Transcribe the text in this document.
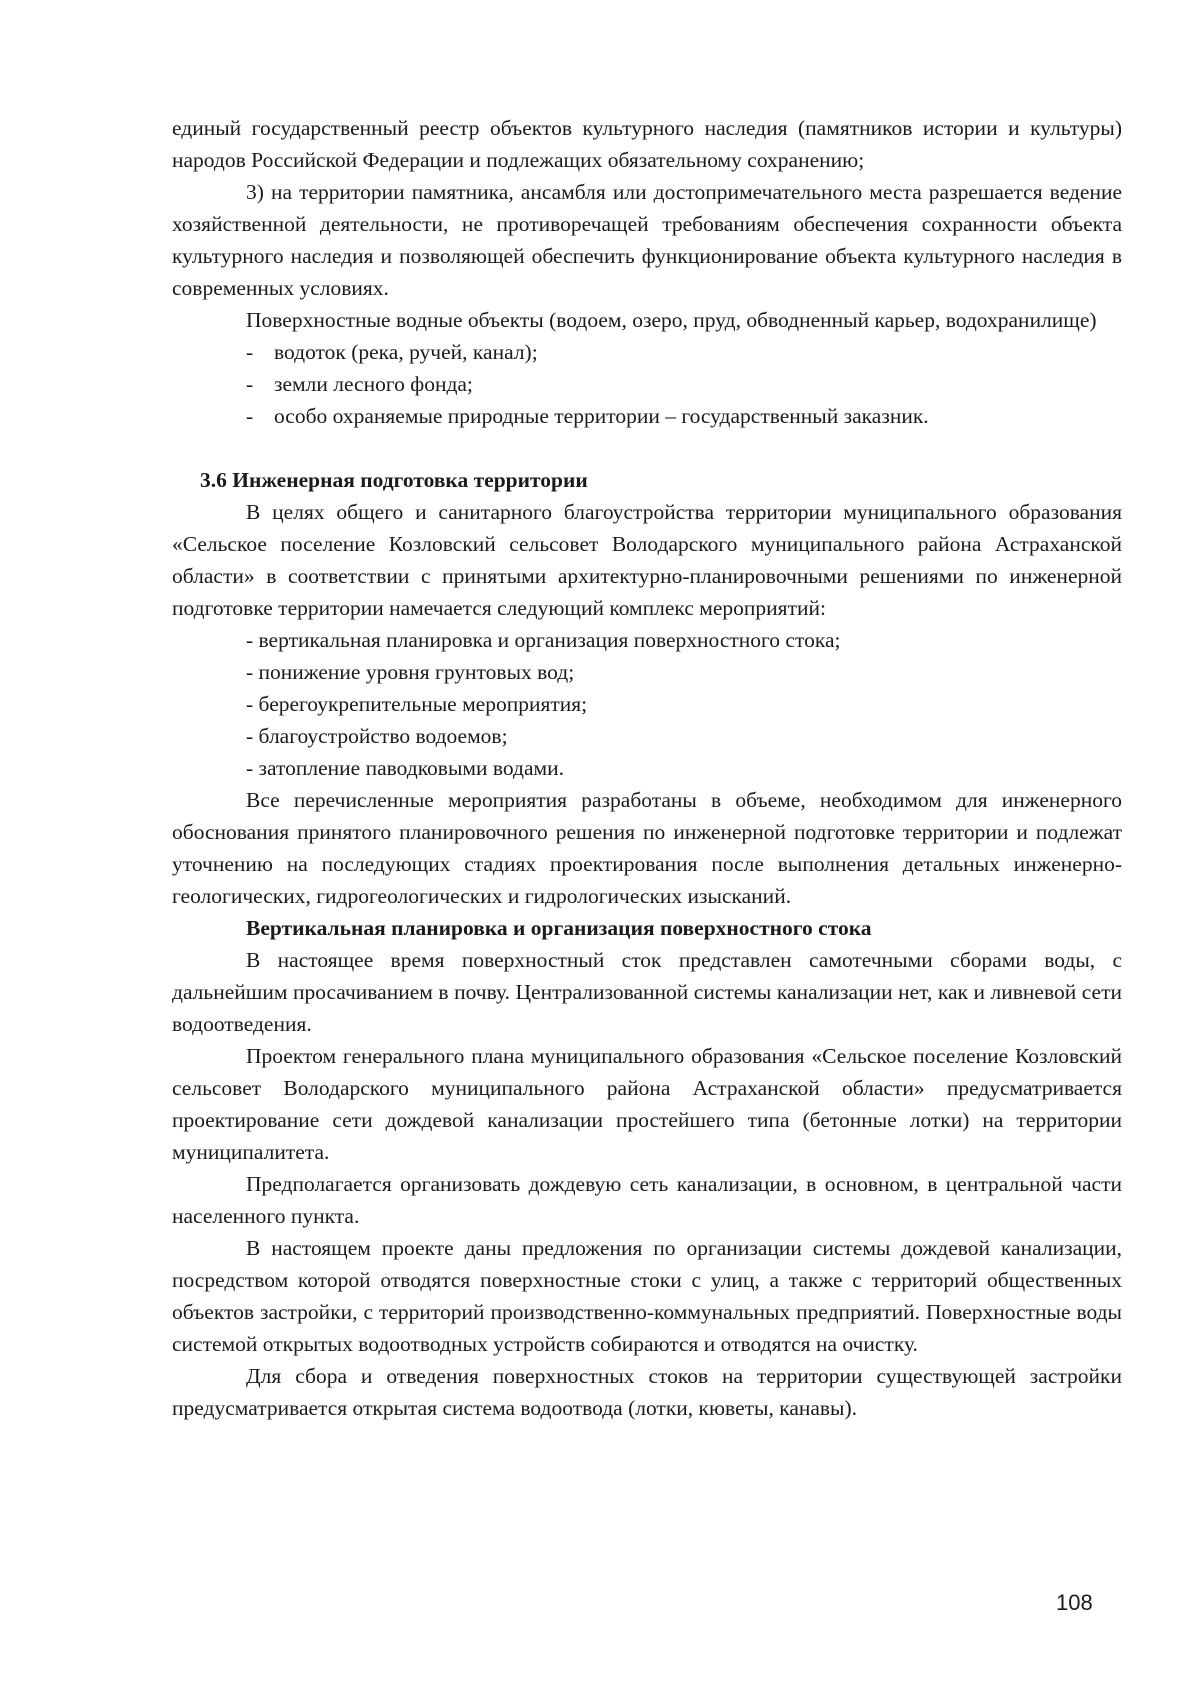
единый государственный реестр объектов культурного наследия (памятников истории и культуры) народов Российской Федерации и подлежащих обязательному сохранению;

3) на территории памятника, ансамбля или достопримечательного места разрешается ведение хозяйственной деятельности, не противоречащей требованиям обеспечения сохранности объекта культурного наследия и позволяющей обеспечить функционирование объекта культурного наследия в современных условиях.

Поверхностные водные объекты (водоем, озеро, пруд, обводненный карьер, водохранилище)

- водоток (река, ручей, канал);

- земли лесного фонда;

- особо охраняемые природные территории – государственный заказник.

3.6 Инженерная подготовка территории

В целях общего и санитарного благоустройства территории муниципального образования «Сельское поселение Козловский сельсовет Володарского муниципального района Астраханской области» в соответствии с принятыми архитектурно-планировочными решениями по инженерной подготовке территории намечается следующий комплекс мероприятий:

- вертикальная планировка и организация поверхностного стока;

- понижение уровня грунтовых вод;

- берегоукрепительные мероприятия;

- благоустройство водоемов;

- затопление паводковыми водами.

Все перечисленные мероприятия разработаны в объеме, необходимом для инженерного обоснования принятого планировочного решения по инженерной подготовке территории и подлежат уточнению на последующих стадиях проектирования после выполнения детальных инженерно-геологических, гидрогеологических и гидрологических изысканий.

Вертикальная планировка и организация поверхностного стока

В настоящее время поверхностный сток представлен самотечными сборами воды, с дальнейшим просачиванием в почву. Централизованной системы канализации нет, как и ливневой сети водоотведения.

Проектом генерального плана муниципального образования «Сельское поселение Козловский сельсовет Володарского муниципального района Астраханской области» предусматривается проектирование сети дождевой канализации простейшего типа (бетонные лотки) на территории муниципалитета.

Предполагается организовать дождевую сеть канализации, в основном, в центральной части населенного пункта.

В настоящем проекте даны предложения по организации системы дождевой канализации, посредством которой отводятся поверхностные стоки с улиц, а также с территорий общественных объектов застройки, с территорий производственно-коммунальных предприятий. Поверхностные воды системой открытых водоотводных устройств собираются и отводятся на очистку.

Для сбора и отведения поверхностных стоков на территории существующей застройки предусматривается открытая система водоотвода (лотки, кюветы, канавы).

108
